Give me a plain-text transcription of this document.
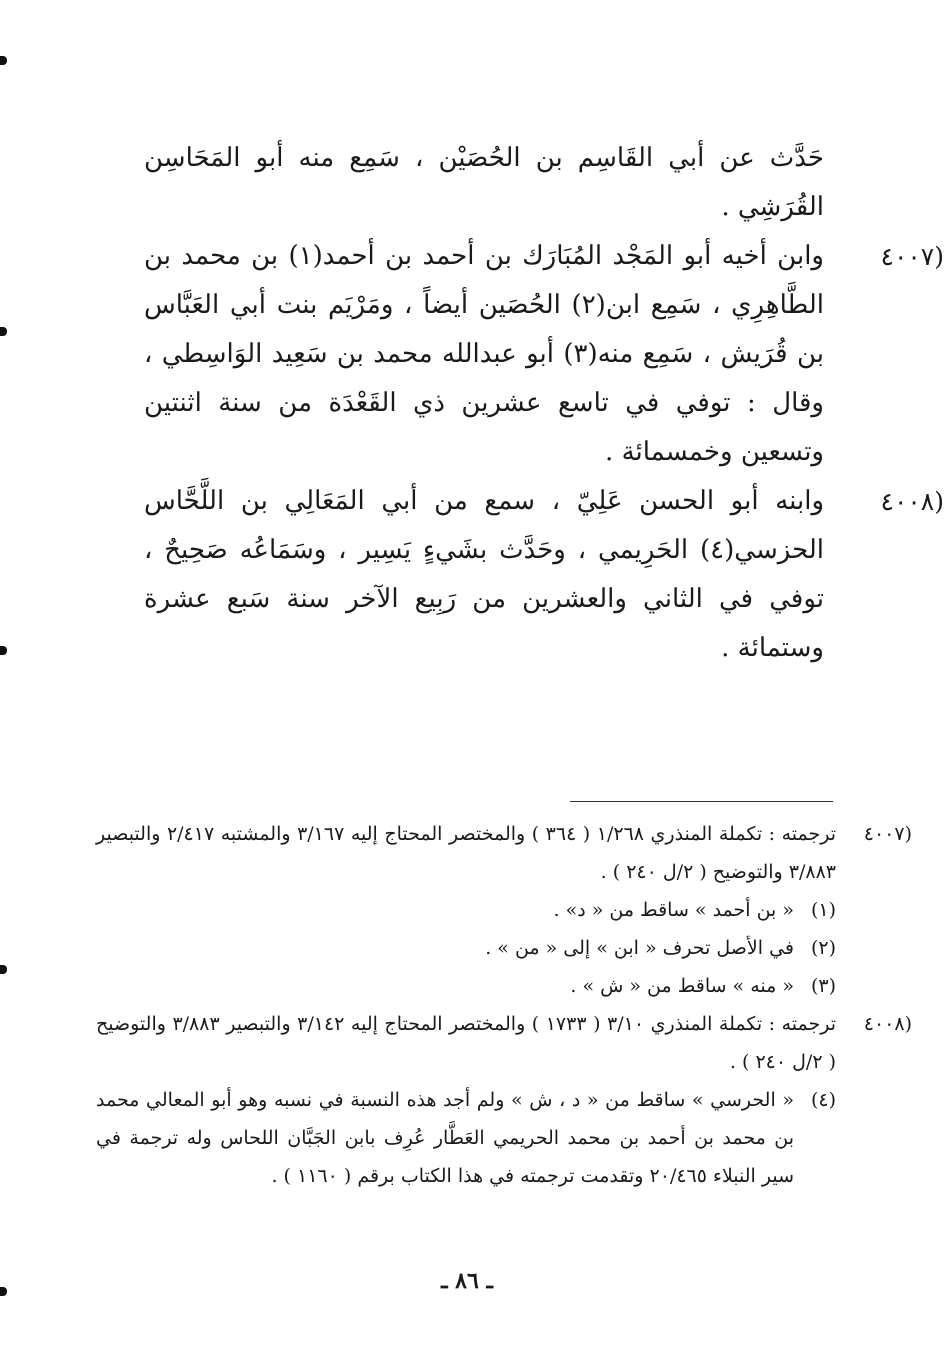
حَدَّث عن أبي القَاسِم بن الحُصَيْن ، سَمِع منه أبو المَحَاسِن القُرَشِي .
(٤٠٠٧
وابن أخيه أبو المَجْد المُبَارَك بن أحمد بن أحمد(١) بن محمد بن الطَّاهِرِي ، سَمِع ابن(٢) الحُصَين أيضاً ، ومَرْيَم بنت أبي العَبَّاس بن قُرَيش ، سَمِع منه(٣) أبو عبدالله محمد بن سَعِيد الوَاسِطي ، وقال : توفي في تاسع عشرين ذي القَعْدَة من سنة اثنتين وتسعين وخمسمائة .
(٤٠٠٨
وابنه أبو الحسن عَلِيّ ، سمع من أبي المَعَالِي بن اللَّحَّاس الحزسي(٤) الحَرِيمي ، وحَدَّث بشَيءٍ يَسِير ، وسَمَاعُه صَحِيحٌ ، توفي في الثاني والعشرين من رَبِيع الآخر سنة سَبع عشرة وستمائة .
(٤٠٠٧
ترجمته : تكملة المنذري ١/٢٦٨ ( ٣٦٤ ) والمختصر المحتاج إليه ٣/١٦٧ والمشتبه ٢/٤١٧ والتبصير ٣/٨٨٣ والتوضيح ( ٢/ل ٢٤٠ ) .
(١)
« بن أحمد » ساقط من « د» .
(٢)
في الأصل تحرف « ابن » إلى « من » .
(٣)
« منه » ساقط من « ش » .
(٤٠٠٨
ترجمته : تكملة المنذري ٣/١٠ ( ١٧٣٣ ) والمختصر المحتاج إليه ٣/١٤٢ والتبصير ٣/٨٨٣ والتوضيح ( ٢/ل ٢٤٠ ) .
(٤)
« الحرسي » ساقط من « د ، ش » ولم أجد هذه النسبة في نسبه وهو أبو المعالي محمد بن محمد بن أحمد بن محمد الحريمي العَطَّار عُرِف بابن الجَبَّان اللحاس وله ترجمة في سير النبلاء ٢٠/٤٦٥ وتقدمت ترجمته في هذا الكتاب برقم ( ١١٦٠ ) .
ـ ٨٦ ـ
